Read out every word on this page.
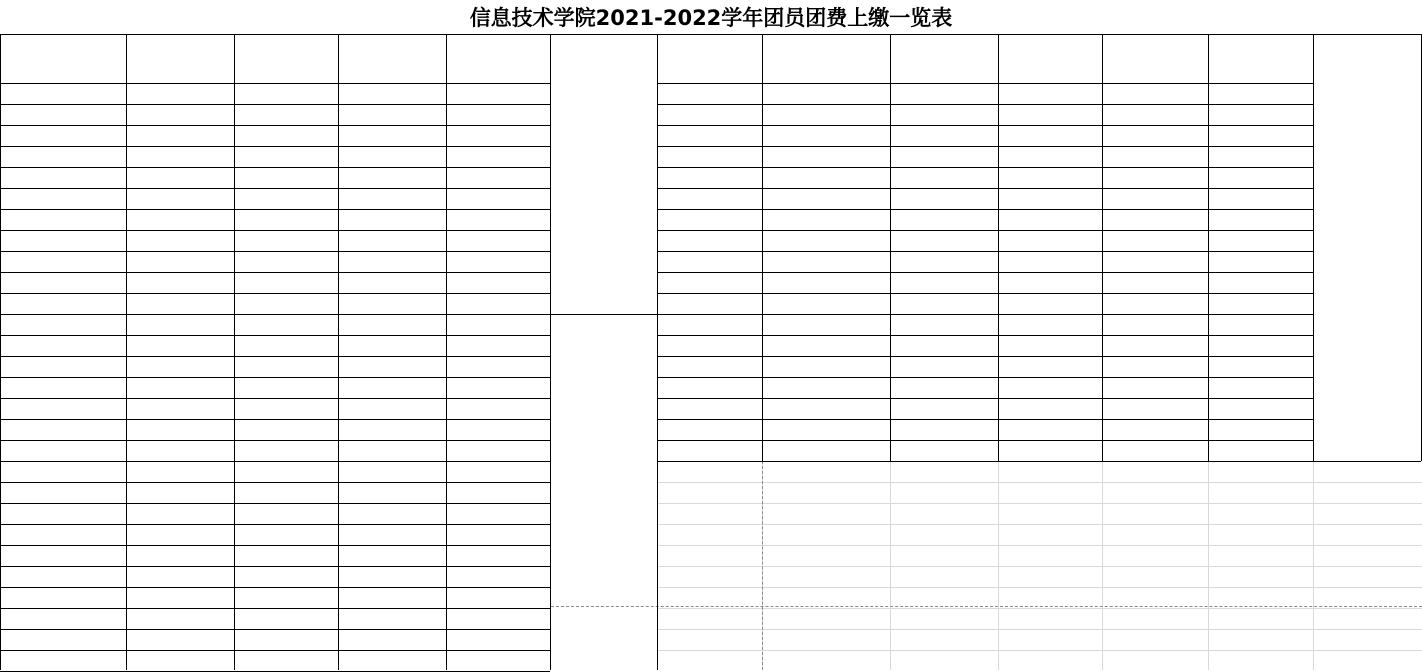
信息技术学院2021-2022学年团员团费上缴一览表
